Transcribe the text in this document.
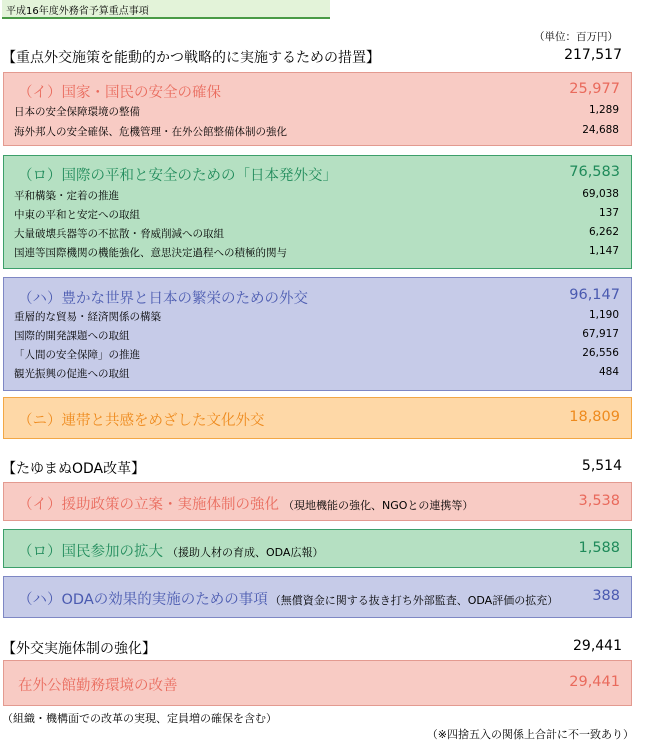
平成16年度外務省予算重点事項
（単位：百万円）
【重点外交施策を能動的かつ戦略的に実施するための措置】	217,517
（イ）国家・国民の安全の確保	25,977
日本の安全保障環境の整備	1,289
海外邦人の安全確保、危機管理・在外公館整備体制の強化	24,688
（ロ）国際の平和と安全のための「日本発外交」	76,583
平和構築・定着の推進	69,038
中東の平和と安定への取組	137
大量破壊兵器等の不拡散・脅威削減への取組	6,262
国連等国際機関の機能強化、意思決定過程への積極的関与	1,147
（ハ）豊かな世界と日本の繁栄のための外交	96,147
重層的な貿易・経済関係の構築	1,190
国際的開発課題への取組	67,917
「人間の安全保障」の推進	26,556
観光振興の促進への取組	484
（ニ）連帯と共感をめざした文化外交	18,809
【たゆまぬODA改革】	5,514
（イ）援助政策の立案・実施体制の強化 （現地機能の強化、NGOとの連携等）	3,538
（ロ）国民参加の拡大 （援助人材の育成、ODA広報）	1,588
（ハ）ODAの効果的実施のための事項 （無償資金に関する抜き打ち外部監査、ODA評価の拡充） 388
【外交実施体制の強化】	29,441
在外公館勤務環境の改善	29,441
（組織・機構面での改革の実現、定員増の確保を含む）
（※四捨五入の関係上合計に不一致あり）
